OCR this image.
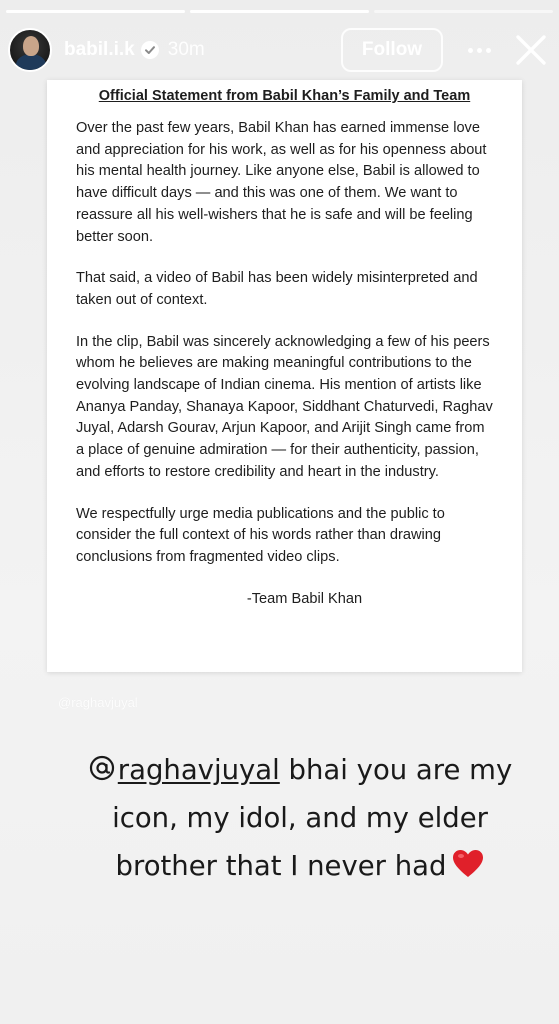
babil.i.k 30m	Follow
Official Statement from Babil Khan’s Family and Team

Over the past few years, Babil Khan has earned immense love and appreciation for his work, as well as for his openness about his mental health journey. Like anyone else, Babil is allowed to have difficult days — and this was one of them. We want to reassure all his well-wishers that he is safe and will be feeling better soon.

That said, a video of Babil has been widely misinterpreted and taken out of context.

In the clip, Babil was sincerely acknowledging a few of his peers whom he believes are making meaningful contributions to the evolving landscape of Indian cinema. His mention of artists like Ananya Panday, Shanaya Kapoor, Siddhant Chaturvedi, Raghav Juyal, Adarsh Gourav, Arjun Kapoor, and Arijit Singh came from a place of genuine admiration — for their authenticity, passion, and efforts to restore credibility and heart in the industry.

We respectfully urge media publications and the public to consider the full context of his words rather than drawing conclusions from fragmented video clips.

-Team Babil Khan
@raghavjuyal
raghavjuyal bhai you are my icon, my idol, and my elder brother that I never had
